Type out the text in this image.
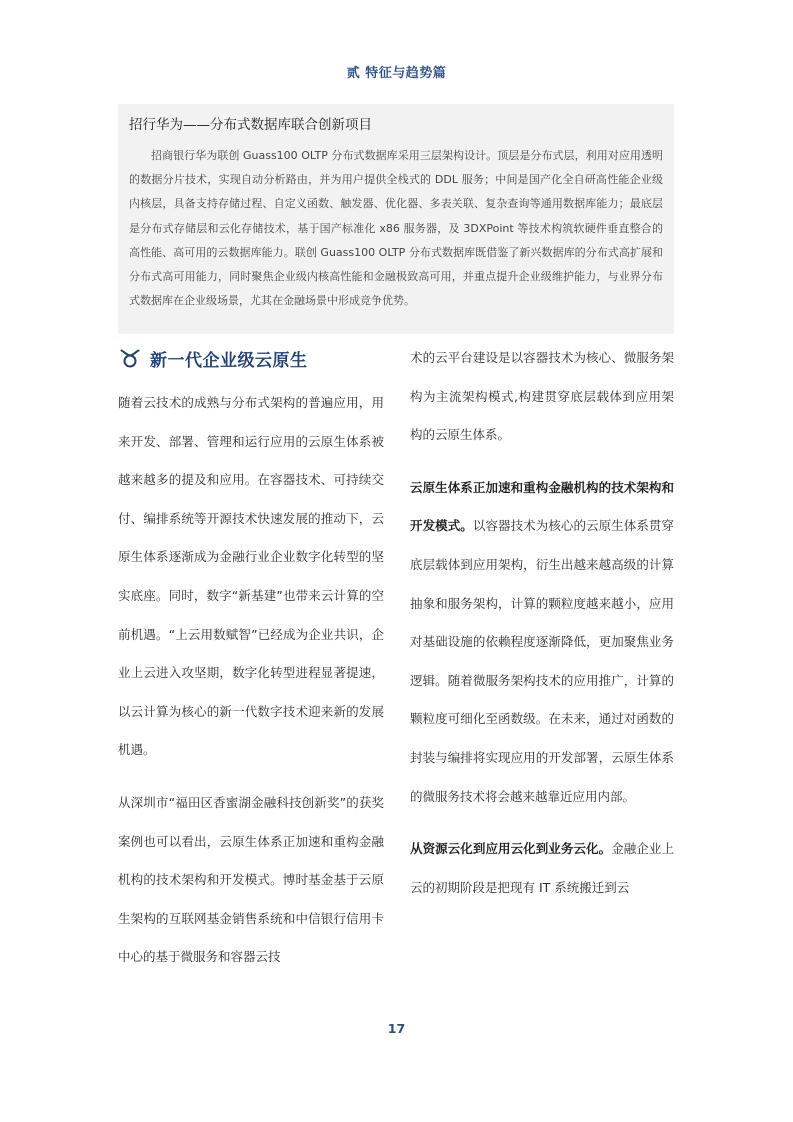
贰 特征与趋势篇
招行华为——分布式数据库联合创新项目

招商银行华为联创 Guass100 OLTP 分布式数据库采用三层架构设计。顶层是分布式层，利用对应用透明的数据分片技术，实现自动分析路由，并为用户提供全栈式的 DDL 服务；中间是国产化全自研高性能企业级内核层，具备支持存储过程、自定义函数、触发器、优化器、多表关联、复杂查询等通用数据库能力；最底层是分布式存储层和云化存储技术，基于国产标准化 x86 服务器，及 3DXPoint 等技术构筑软硬件垂直整合的高性能、高可用的云数据库能力。联创 Guass100 OLTP 分布式数据库既借鉴了新兴数据库的分布式高扩展和分布式高可用能力，同时聚焦企业级内核高性能和金融极致高可用，并重点提升企业级维护能力，与业界分布式数据库在企业级场景，尤其在金融场景中形成竞争优势。

新一代企业级云原生

随着云技术的成熟与分布式架构的普遍应用，用来开发、部署、管理和运行应用的云原生体系被越来越多的提及和应用。在容器技术、可持续交付、编排系统等开源技术快速发展的推动下，云原生体系逐渐成为金融行业企业数字化转型的坚实底座。同时，数字“新基建”也带来云计算的空前机遇。“上云用数赋智”已经成为企业共识，企业上云进入攻坚期，数字化转型进程显著提速，以云计算为核心的新一代数字技术迎来新的发展机遇。

从深圳市“福田区香蜜湖金融科技创新奖”的获奖案例也可以看出，云原生体系正加速和重构金融机构的技术架构和开发模式。博时基金基于云原生架构的互联网基金销售系统和中信银行信用卡中心的基于微服务和容器云技

术的云平台建设是以容器技术为核心、微服务架构为主流架构模式,构建贯穿底层载体到应用架构的云原生体系。

云原生体系正加速和重构金融机构的技术架构和开发模式。以容器技术为核心的云原生体系贯穿底层载体到应用架构，衍生出越来越高级的计算抽象和服务架构，计算的颗粒度越来越小，应用对基础设施的依赖程度逐渐降低，更加聚焦业务逻辑。随着微服务架构技术的应用推广，计算的颗粒度可细化至函数级。在未来，通过对函数的封装与编排将实现应用的开发部署，云原生体系的微服务技术将会越来越靠近应用内部。

从资源云化到应用云化到业务云化。金融企业上云的初期阶段是把现有 IT 系统搬迁到云

17
